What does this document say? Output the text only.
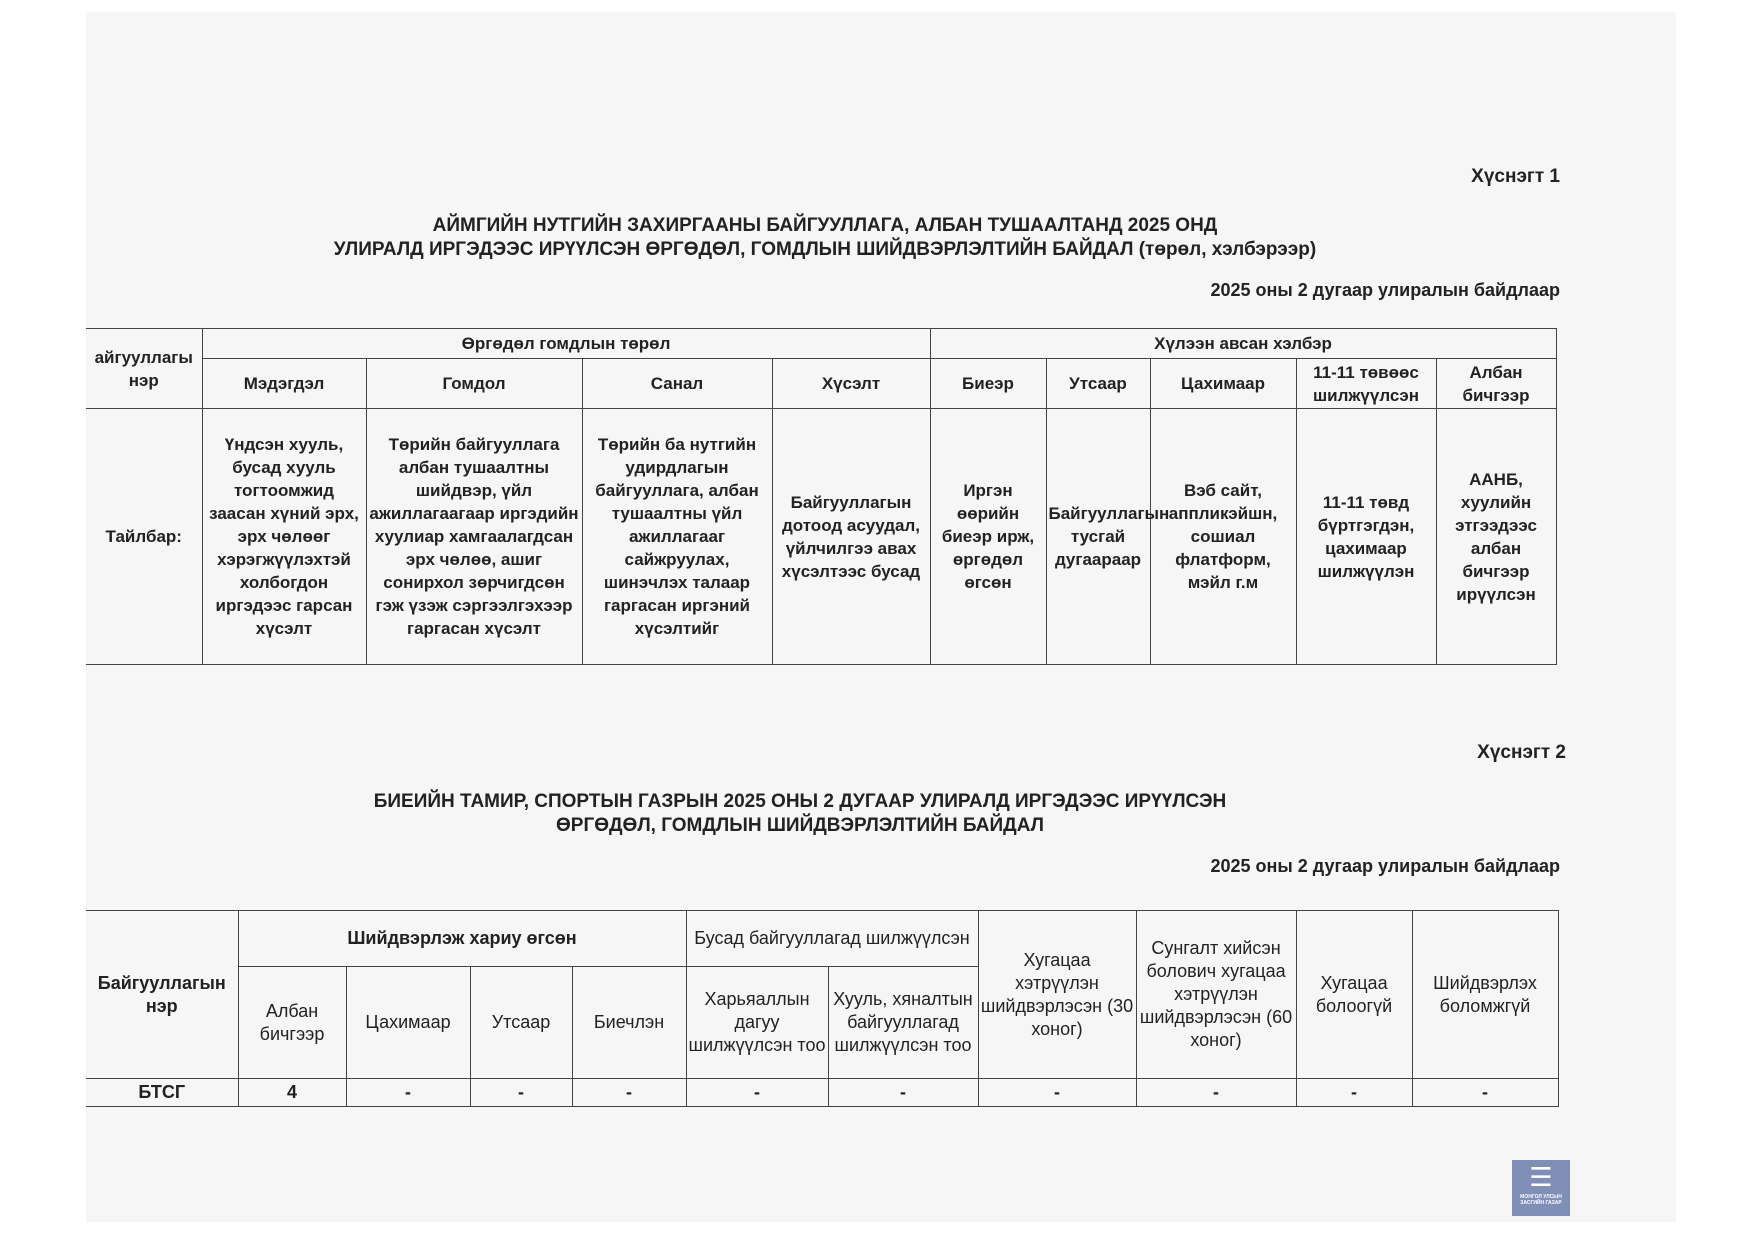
Хүснэгт 1
АЙМГИЙН НУТГИЙН ЗАХИРГААНЫ БАЙГУУЛЛАГА, АЛБАН ТУШААЛТАНД 2025 ОНД
УЛИРАЛД ИРГЭДЭЭС ИРҮҮЛСЭН ӨРГӨДӨЛ, ГОМДЛЫН ШИЙДВЭРЛЭЛТИЙН БАЙДАЛ (төрөл, хэлбэрээр)
2025 оны 2 дугаар улиралын байдлаар
айгууллагы нэр	Өргөдөл гомдлын төрөл				Хүлээн авсан хэлбэр				
	Мэдэгдэл	Гомдол	Санал	Хүсэлт	Биеэр	Утсаар	Цахимаар	11-11 төвөөс шилжүүлсэн	Албан бичгээр
Тайлбар:	Үндсэн хууль, бусад хууль тогтоомжид заасан хүний эрх, эрх чөлөөг хэрэгжүүлэхтэй холбогдон иргэдээс гарсан хүсэлт	Төрийн байгууллага албан тушаалтны шийдвэр, үйл ажиллагаагаар иргэдийн хуулиар хамгаалагдсан эрх чөлөө, ашиг сонирхол зөрчигдсөн гэж үзэж сэргээлгэхээр гаргасан хүсэлт	Төрийн ба нутгийн удирдлагын байгууллага, албан тушаалтны үйл ажиллагааг сайжруулах, шинэчлэх талаар гаргасан иргэний хүсэлтийг	Байгууллагын дотоод асуудал, үйлчилгээ авах хүсэлтээс бусад	Иргэн өөрийн биеэр ирж, өргөдөл өгсөн	Байгууллагын тусгай дугаараар	Вэб сайт, аппликэйшн, сошиал флатформ, мэйл г.м	11-11 төвд бүртгэгдэн, цахимаар шилжүүлэн	ААНБ, хуулийн этгээдээс албан бичгээр ирүүлсэн
Хүснэгт 2
БИЕИЙН ТАМИР, СПОРТЫН ГАЗРЫН 2025 ОНЫ 2 ДУГААР УЛИРАЛД ИРГЭДЭЭС ИРҮҮЛСЭН
ӨРГӨДӨЛ, ГОМДЛЫН ШИЙДВЭРЛЭЛТИЙН БАЙДАЛ
2025 оны 2 дугаар улиралын байдлаар
Байгууллагын нэр	Шийдвэрлэж хариу өгсөн				Бусад байгууллагад шилжүүлсэн		Хугацаа хэтрүүлэн шийдвэрлэсэн (30 хоног)	Сунгалт хийсэн болович хугацаа хэтрүүлэн шийдвэрлэсэн (60 хоног)	Хугацаа болоогүй	Шийдвэрлэх боломжгүй
	Албан бичгээр	Цахимаар	Утсаар	Биечлэн	Харьяаллын дагуу шилжүүлсэн тоо	Хууль, хяналтын байгууллагад шилжүүлсэн тоо				
БТСГ	4	-	-	-	-	-	-	-	-	-
☰
МОНГОЛ УЛСЫН ЗАСГИЙН ГАЗАР
